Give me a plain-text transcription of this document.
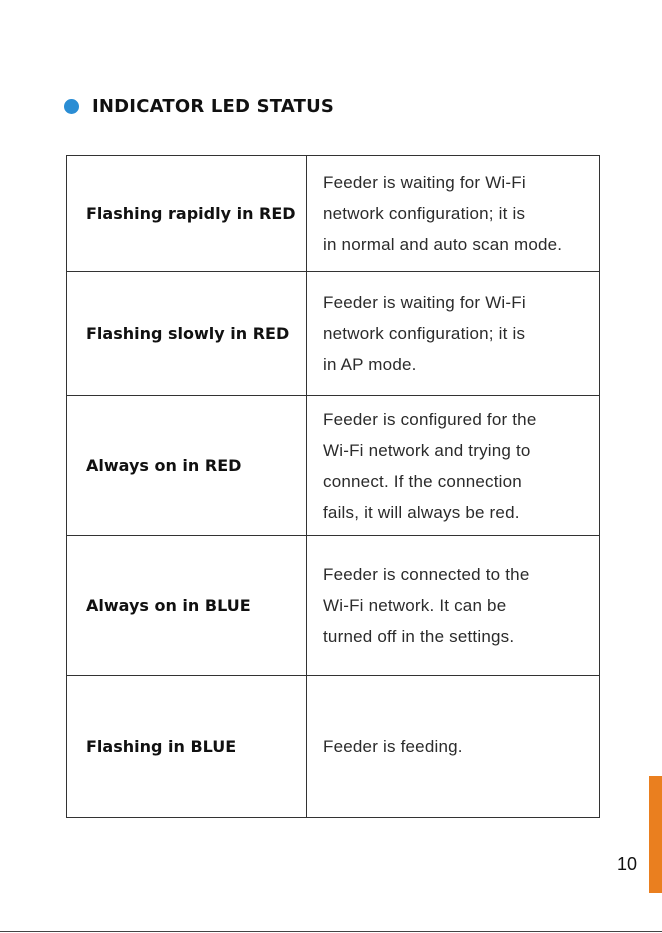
INDICATOR LED STATUS
Flashing rapidly in RED	Feeder is waiting for Wi-Fi
network configuration; it is
in normal and auto scan mode.

Flashing slowly in RED	Feeder is waiting for Wi-Fi
network configuration; it is
in AP mode.

Always on in RED	Feeder is configured for the
Wi-Fi network and trying to
connect. If the connection
fails, it will always be red.

Always on in BLUE	Feeder is connected to the
Wi-Fi network. It can be
turned off in the settings.

Flashing in BLUE	Feeder is feeding.
10
